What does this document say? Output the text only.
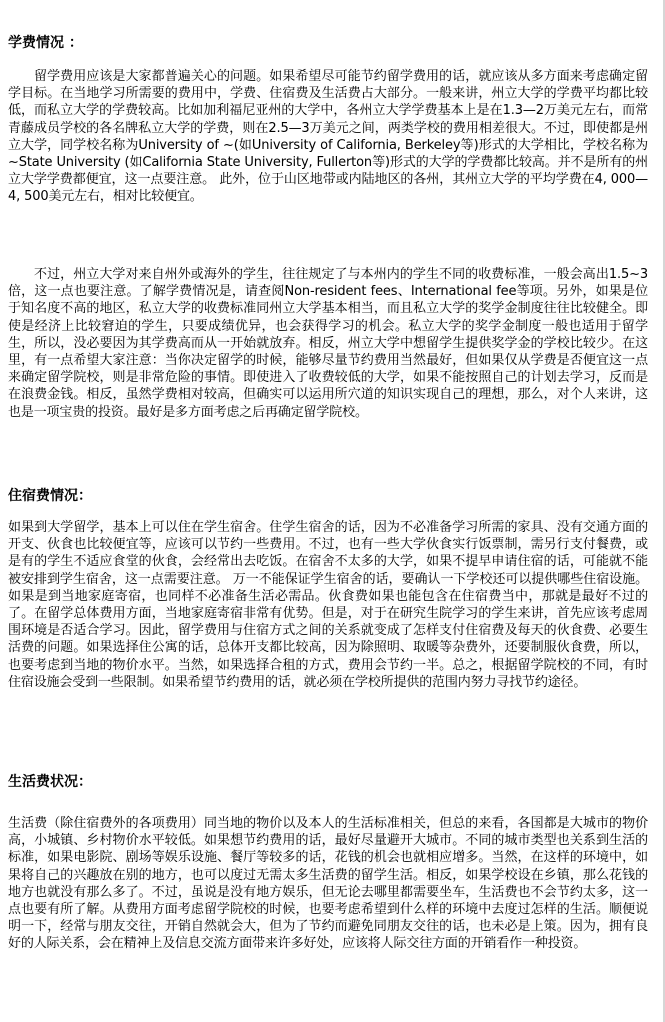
学费情况 ：

留学费用应该是大家都普遍关心的问题。如果希望尽可能节约留学费用的话，就应该从多方面来考虑确定留学目标。在当地学习所需要的费用中，学费、住宿费及生活费占大部分。一般来讲，州立大学的学费平均都比较低，而私立大学的学费较高。比如加利福尼亚州的大学中，各州立大学学费基本上是在1.3—2万美元左右，而常青藤成员学校的各名牌私立大学的学费，则在2.5—3万美元之间，两类学校的费用相差很大。不过，即使都是州立大学，同学校名称为University of ~(如University of California, Berkeley等)形式的大学相比，学校名称为~State University (如California State University, Fullerton等)形式的大学的学费都比较高。并不是所有的州立大学学费都便宜，这一点要注意。 此外，位于山区地带或内陆地区的各州，其州立大学的平均学费在4, 000—4, 500美元左右，相对比较便宜。

不过，州立大学对来自州外或海外的学生，往往规定了与本州内的学生不同的收费标准，一般会高出1.5~3倍，这一点也要注意。了解学费情况是，请查阅Non-resident fees、International fee等项。另外，如果是位于知名度不高的地区，私立大学的收费标准同州立大学基本相当，而且私立大学的奖学金制度往往比较健全。即使是经济上比较窘迫的学生，只要成绩优异，也会获得学习的机会。私立大学的奖学金制度一般也适用于留学生，所以，没必要因为其学费高而从一开始就放弃。相反，州立大学中想留学生提供奖学金的学校比较少。在这里，有一点希望大家注意：当你决定留学的时候，能够尽量节约费用当然最好，但如果仅从学费是否便宜这一点来确定留学院校，则是非常危险的事情。即使进入了收费较低的大学，如果不能按照自己的计划去学习，反而是在浪费金钱。相反，虽然学费相对较高，但确实可以运用所穴道的知识实现自己的理想，那么，对个人来讲，这也是一项宝贵的投资。最好是多方面考虑之后再确定留学院校。

住宿费情况：

如果到大学留学，基本上可以住在学生宿舍。住学生宿舍的话，因为不必准备学习所需的家具、没有交通方面的开支、伙食也比较便宜等，应该可以节约一些费用。不过，也有一些大学伙食实行饭票制，需另行支付餐费，或是有的学生不适应食堂的伙食，会经常出去吃饭。在宿舍不太多的大学，如果不提早申请住宿的话，可能就不能被安排到学生宿舍，这一点需要注意。 万一不能保证学生宿舍的话，要确认一下学校还可以提供哪些住宿设施。如果是到当地家庭寄宿，也同样不必准备生活必需品。伙食费如果也能包含在住宿费当中，那就是最好不过的了。在留学总体费用方面，当地家庭寄宿非常有优势。但是，对于在研究生院学习的学生来讲，首先应该考虑周围环境是否适合学习。因此，留学费用与住宿方式之间的关系就变成了怎样支付住宿费及每天的伙食费、必要生活费的问题。如果选择住公寓的话，总体开支都比较高，因为除照明、取暖等杂费外，还要制服伙食费，所以，也要考虑到当地的物价水平。当然，如果选择合租的方式，费用会节约一半。总之，根据留学院校的不同，有时住宿设施会受到一些限制。如果希望节约费用的话，就必须在学校所提供的范围内努力寻找节约途径。

生活费状况：

生活费（除住宿费外的各项费用）同当地的物价以及本人的生活标准相关，但总的来看，各国都是大城市的物价高，小城镇、乡村物价水平较低。如果想节约费用的话，最好尽量避开大城市。不同的城市类型也关系到生活的标准，如果电影院、剧场等娱乐设施、餐厅等较多的话，花钱的机会也就相应增多。当然，在这样的环境中，如果将自己的兴趣放在别的地方，也可以度过无需太多生活费的留学生活。相反，如果学校设在乡镇，那么花钱的地方也就没有那么多了。不过，虽说是没有地方娱乐，但无论去哪里都需要坐车，生活费也不会节约太多，这一点也要有所了解。从费用方面考虑留学院校的时候，也要考虑希望到什么样的环境中去度过怎样的生活。顺便说明一下，经常与朋友交往，开销自然就会大，但为了节约而避免同朋友交往的话，也未必是上策。因为，拥有良好的人际关系，会在精神上及信息交流方面带来许多好处，应该将人际交往方面的开销看作一种投资。
